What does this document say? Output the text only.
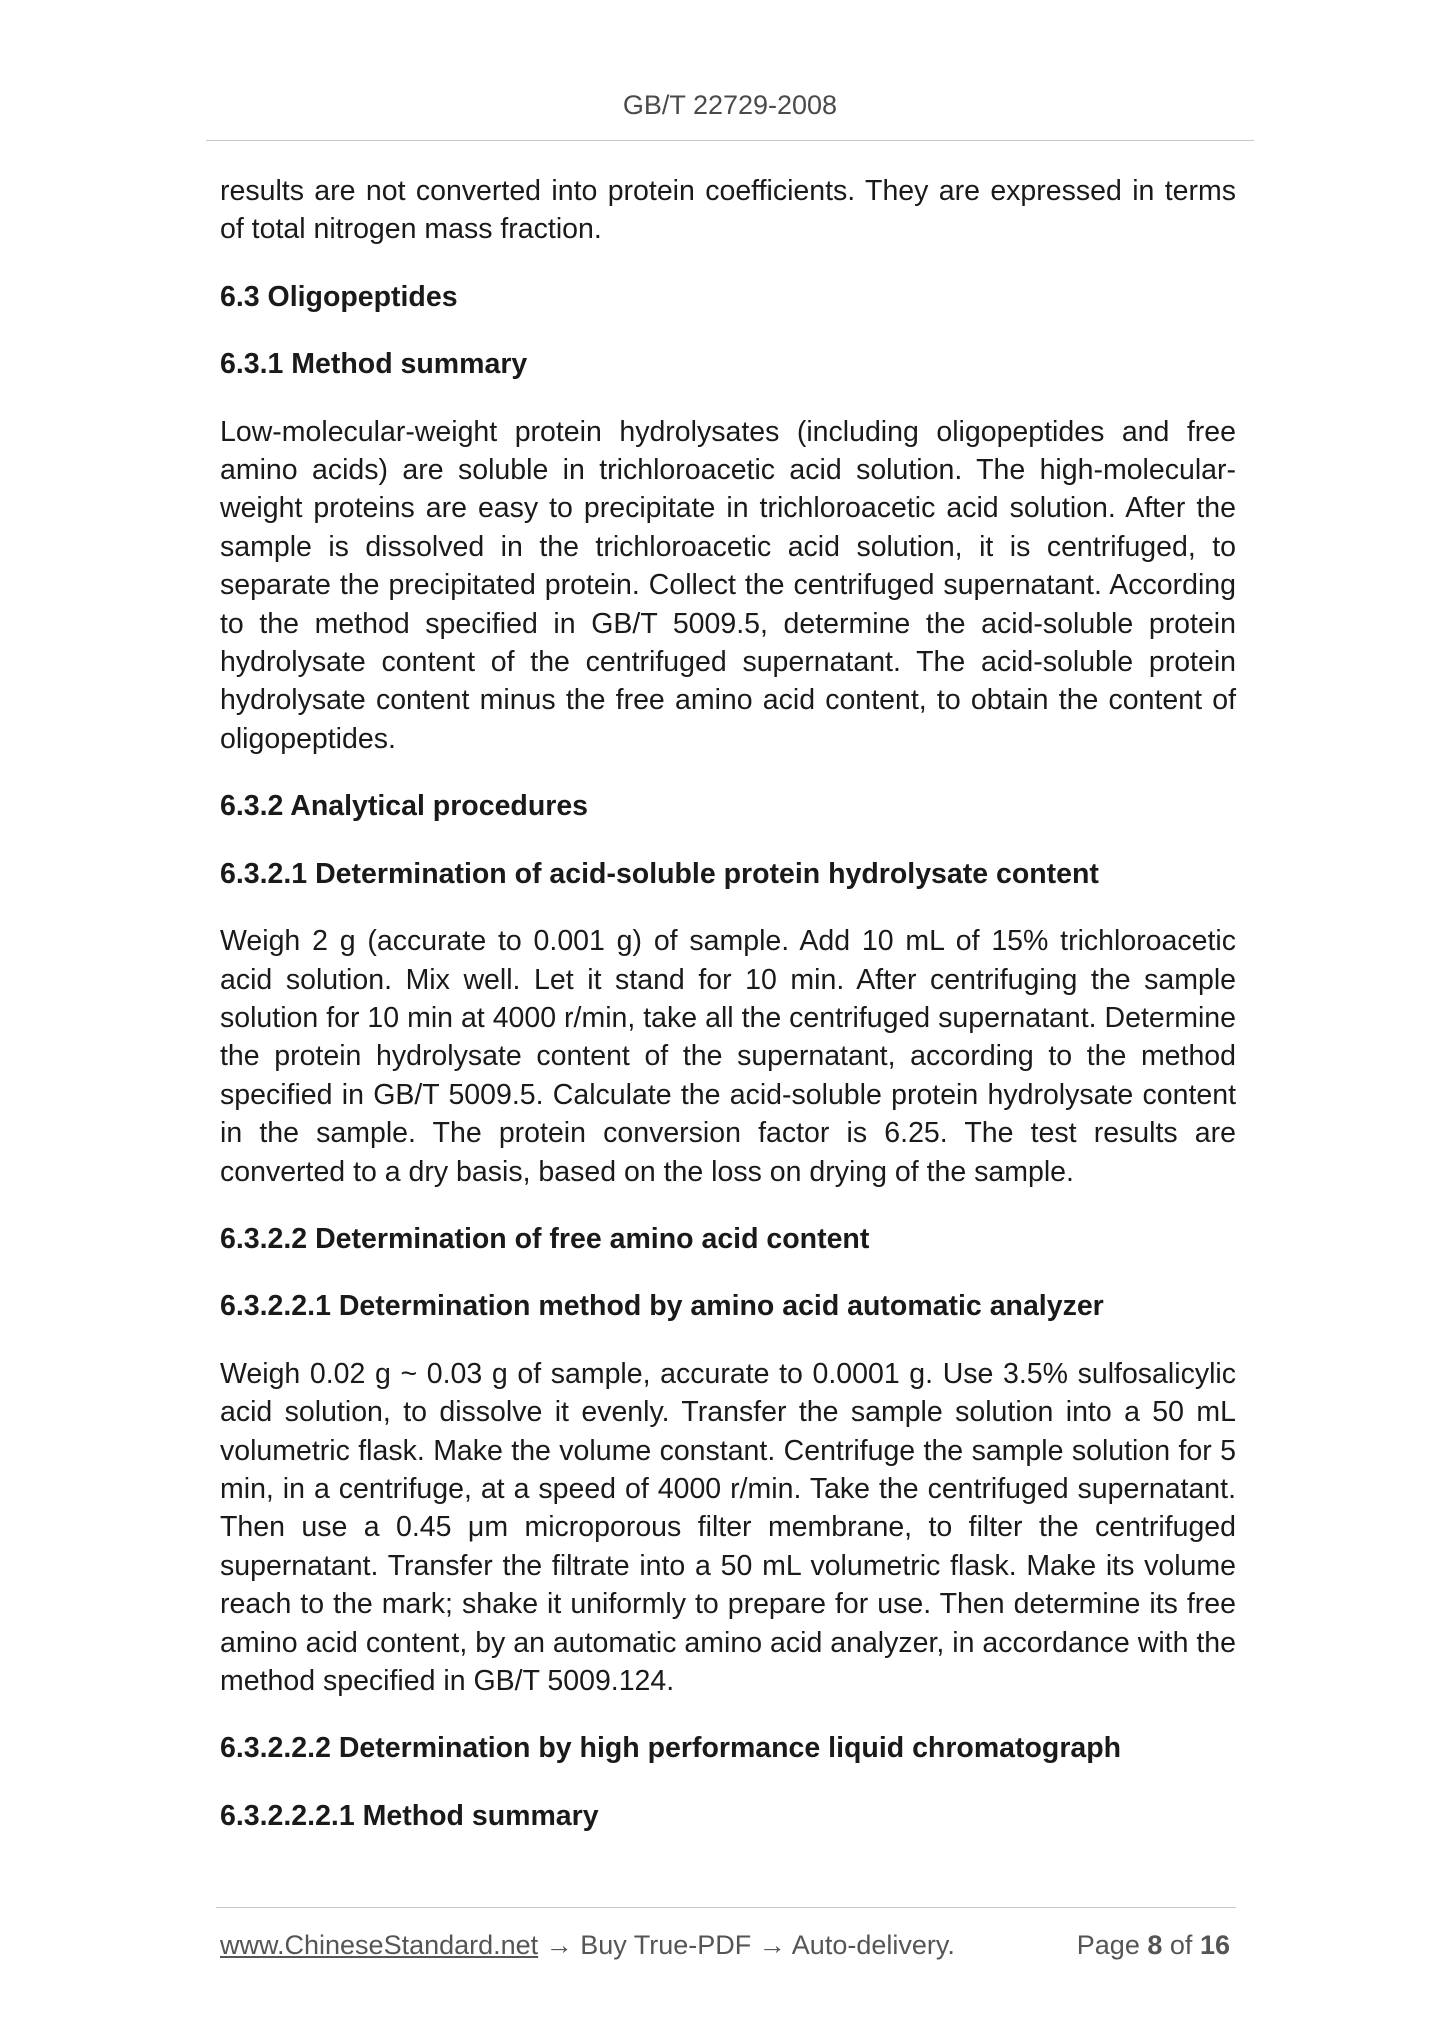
GB/T 22729-2008

results are not converted into protein coefficients. They are expressed in terms of total nitrogen mass fraction.

6.3 Oligopeptides
6.3.1 Method summary

Low-molecular-weight protein hydrolysates (including oligopeptides and free amino acids) are soluble in trichloroacetic acid solution. The high-molecular-weight proteins are easy to precipitate in trichloroacetic acid solution. After the sample is dissolved in the trichloroacetic acid solution, it is centrifuged, to separate the precipitated protein. Collect the centrifuged supernatant. According to the method specified in GB/T 5009.5, determine the acid-soluble protein hydrolysate content of the centrifuged supernatant. The acid-soluble protein hydrolysate content minus the free amino acid content, to obtain the content of oligopeptides.

6.3.2 Analytical procedures
6.3.2.1 Determination of acid-soluble protein hydrolysate content

Weigh 2 g (accurate to 0.001 g) of sample. Add 10 mL of 15% trichloroacetic acid solution. Mix well. Let it stand for 10 min. After centrifuging the sample solution for 10 min at 4000 r/min, take all the centrifuged supernatant. Determine the protein hydrolysate content of the supernatant, according to the method specified in GB/T 5009.5. Calculate the acid-soluble protein hydrolysate content in the sample. The protein conversion factor is 6.25. The test results are converted to a dry basis, based on the loss on drying of the sample.

6.3.2.2 Determination of free amino acid content
6.3.2.2.1 Determination method by amino acid automatic analyzer

Weigh 0.02 g ~ 0.03 g of sample, accurate to 0.0001 g. Use 3.5% sulfosalicylic acid solution, to dissolve it evenly. Transfer the sample solution into a 50 mL volumetric flask. Make the volume constant. Centrifuge the sample solution for 5 min, in a centrifuge, at a speed of 4000 r/min. Take the centrifuged supernatant. Then use a 0.45 μm microporous filter membrane, to filter the centrifuged supernatant. Transfer the filtrate into a 50 mL volumetric flask. Make its volume reach to the mark; shake it uniformly to prepare for use. Then determine its free amino acid content, by an automatic amino acid analyzer, in accordance with the method specified in GB/T 5009.124.

6.3.2.2.2 Determination by high performance liquid chromatograph
6.3.2.2.2.1 Method summary
www.ChineseStandard.net → Buy True-PDF → Auto-delivery.	Page 8 of 16
